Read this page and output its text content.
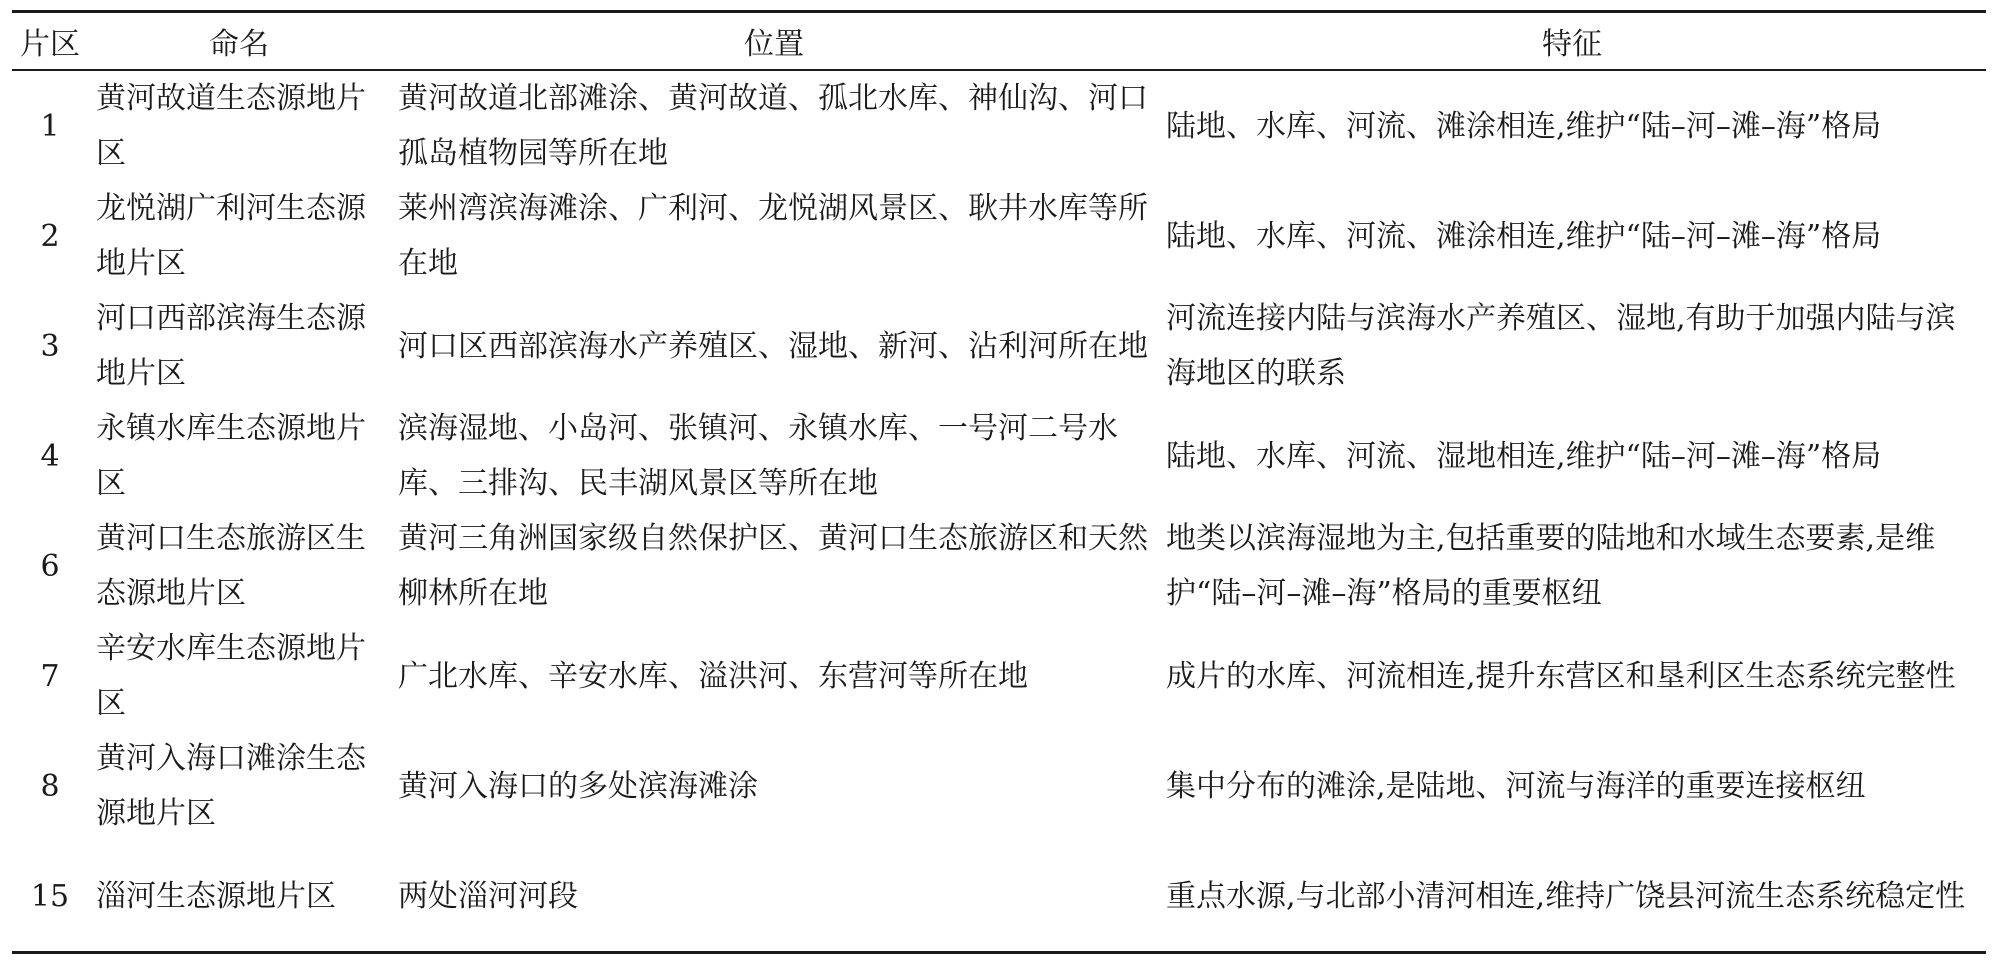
片区	命名	位置	特征
1	黄河故道生态源地片区	黄河故道北部滩涂、黄河故道、孤北水库、神仙沟、河口孤岛植物园等所在地	陆地、水库、河流、滩涂相连,维护“陆–河–滩–海”格局
2	龙悦湖广利河生态源地片区	莱州湾滨海滩涂、广利河、龙悦湖风景区、耿井水库等所在地	陆地、水库、河流、滩涂相连,维护“陆–河–滩–海”格局
3	河口西部滨海生态源地片区	河口区西部滨海水产养殖区、湿地、新河、沾利河所在地	河流连接内陆与滨海水产养殖区、湿地,有助于加强内陆与滨海地区的联系
4	永镇水库生态源地片区	滨海湿地、小岛河、张镇河、永镇水库、一号河二号水库、三排沟、民丰湖风景区等所在地	陆地、水库、河流、湿地相连,维护“陆–河–滩–海”格局
6	黄河口生态旅游区生态源地片区	黄河三角洲国家级自然保护区、黄河口生态旅游区和天然柳林所在地	地类以滨海湿地为主,包括重要的陆地和水域生态要素,是维护“陆–河–滩–海”格局的重要枢纽
7	辛安水库生态源地片区	广北水库、辛安水库、溢洪河、东营河等所在地	成片的水库、河流相连,提升东营区和垦利区生态系统完整性
8	黄河入海口滩涂生态源地片区	黄河入海口的多处滨海滩涂	集中分布的滩涂,是陆地、河流与海洋的重要连接枢纽
15	淄河生态源地片区	两处淄河河段	重点水源,与北部小清河相连,维持广饶县河流生态系统稳定性
